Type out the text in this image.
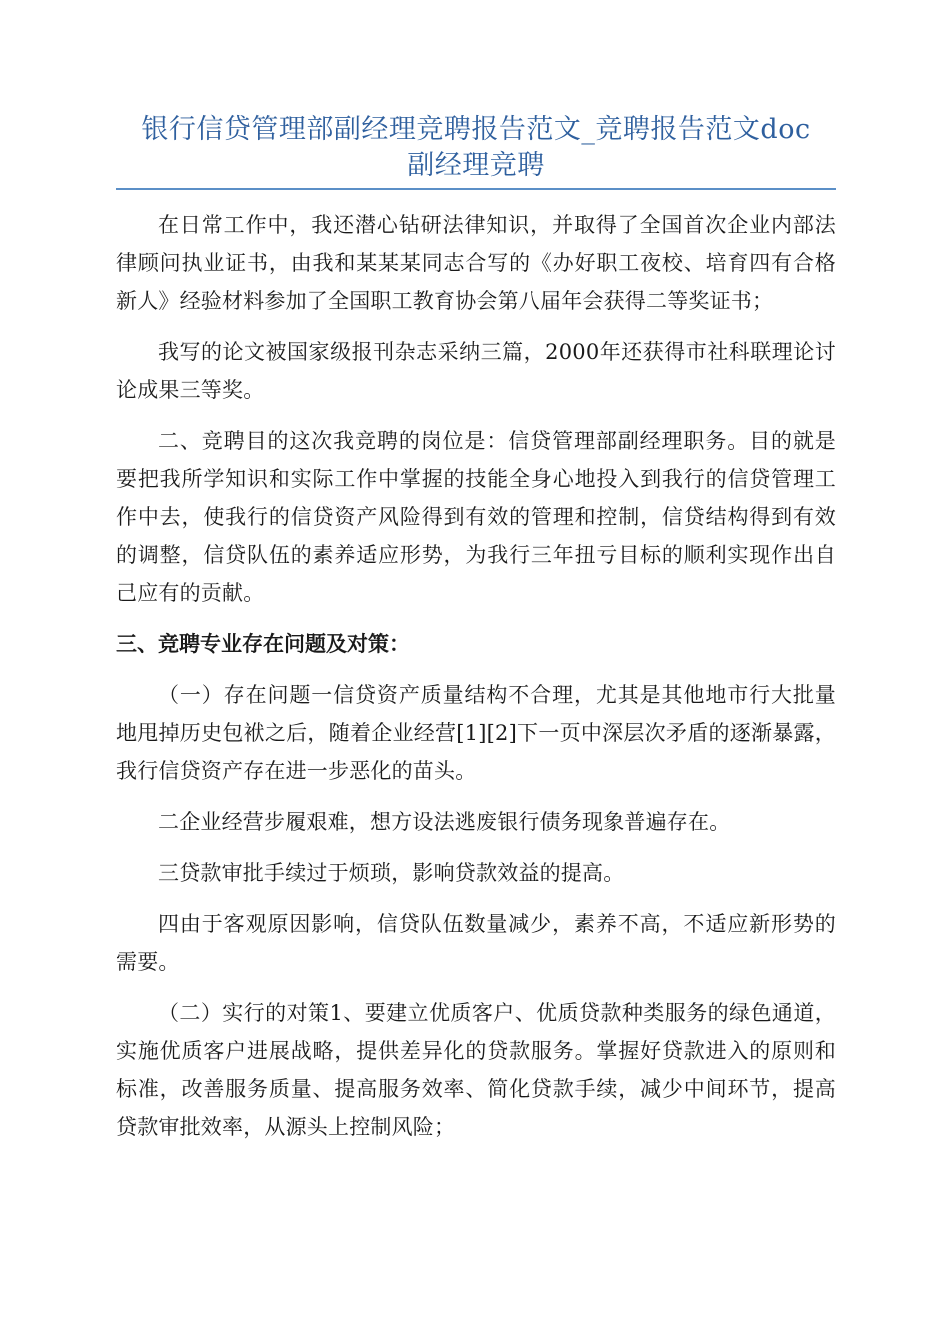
银行信贷管理部副经理竞聘报告范文_竞聘报告范文doc
副经理竞聘

在日常工作中，我还潜心钻研法律知识，并取得了全国首次企业内部法律顾问执业证书，由我和某某某同志合写的《办好职工夜校、培育四有合格新人》经验材料参加了全国职工教育协会第八届年会获得二等奖证书；

我写的论文被国家级报刊杂志采纳三篇，2000年还获得市社科联理论讨论成果三等奖。

二、竞聘目的这次我竞聘的岗位是：信贷管理部副经理职务。目的就是要把我所学知识和实际工作中掌握的技能全身心地投入到我行的信贷管理工作中去，使我行的信贷资产风险得到有效的管理和控制，信贷结构得到有效的调整，信贷队伍的素养适应形势，为我行三年扭亏目标的顺利实现作出自己应有的贡献。

三、竞聘专业存在问题及对策：

（一）存在问题一信贷资产质量结构不合理，尤其是其他地市行大批量地甩掉历史包袱之后，随着企业经营[1][2]下一页中深层次矛盾的逐渐暴露，我行信贷资产存在进一步恶化的苗头。

二企业经营步履艰难，想方设法逃废银行债务现象普遍存在。

三贷款审批手续过于烦琐，影响贷款效益的提高。

四由于客观原因影响，信贷队伍数量减少，素养不高，不适应新形势的需要。

（二）实行的对策1、要建立优质客户、优质贷款种类服务的绿色通道，实施优质客户进展战略，提供差异化的贷款服务。掌握好贷款进入的原则和标准，改善服务质量、提高服务效率、简化贷款手续，减少中间环节，提高贷款审批效率，从源头上控制风险；
